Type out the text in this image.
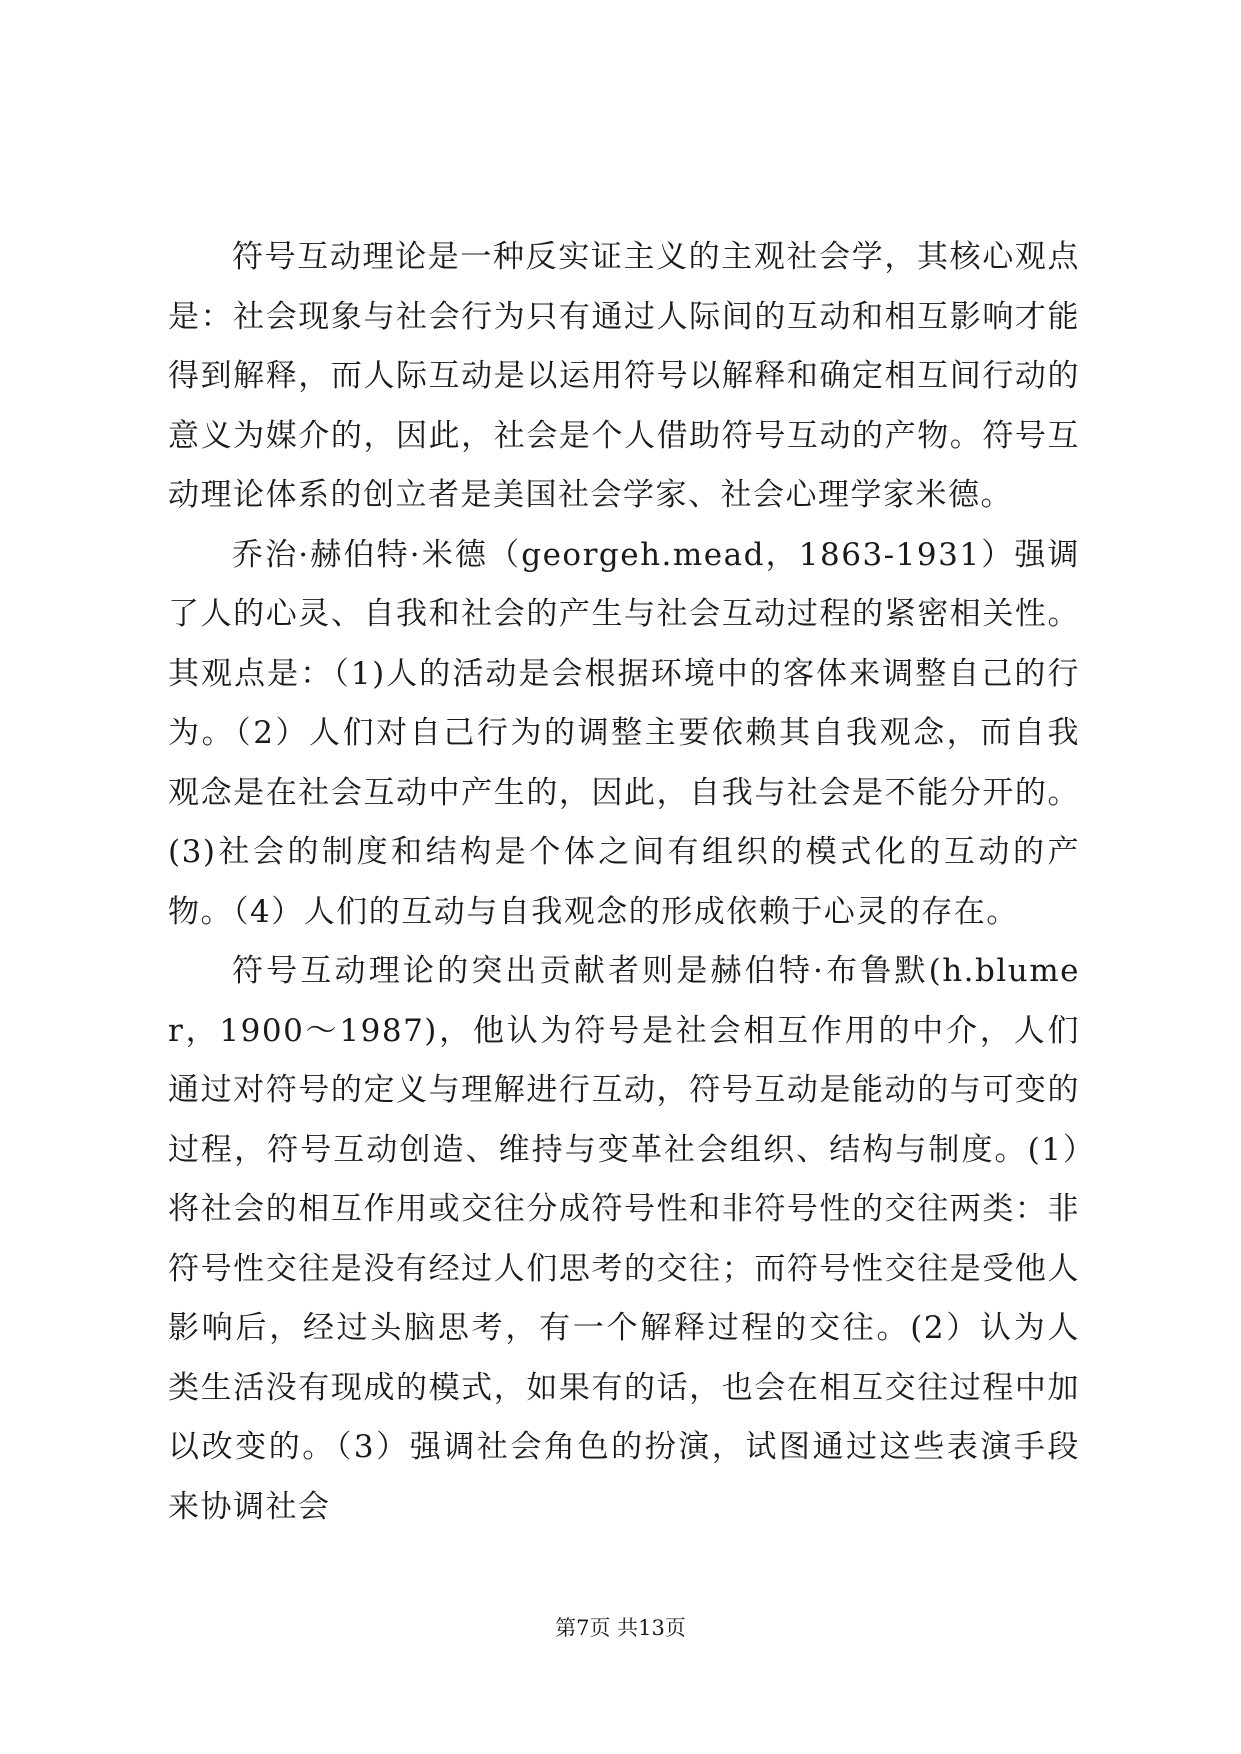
符号互动理论是一种反实证主义的主观社会学，其核心观点是：社会现象与社会行为只有通过人际间的互动和相互影响才能得到解释，而人际互动是以运用符号以解释和确定相互间行动的意义为媒介的，因此，社会是个人借助符号互动的产物。符号互动理论体系的创立者是美国社会学家、社会心理学家米德。

乔治·赫伯特·米德（georgeh.mead，1863-1931）强调了人的心灵、自我和社会的产生与社会互动过程的紧密相关性。其观点是：（1)人的活动是会根据环境中的客体来调整自己的行为。（2）人们对自己行为的调整主要依赖其自我观念，而自我观念是在社会互动中产生的，因此，自我与社会是不能分开的。(3)社会的制度和结构是个体之间有组织的模式化的互动的产物。（4）人们的互动与自我观念的形成依赖于心灵的存在。

符号互动理论的突出贡献者则是赫伯特·布鲁默(h.blumer，1900～1987)，他认为符号是社会相互作用的中介，人们通过对符号的定义与理解进行互动，符号互动是能动的与可变的过程，符号互动创造、维持与变革社会组织、结构与制度。(1）将社会的相互作用或交往分成符号性和非符号性的交往两类：非符号性交往是没有经过人们思考的交往；而符号性交往是受他人影响后，经过头脑思考，有一个解释过程的交往。(2）认为人类生活没有现成的模式，如果有的话，也会在相互交往过程中加以改变的。（3）强调社会角色的扮演，试图通过这些表演手段来协调社会

第7页 共13页
